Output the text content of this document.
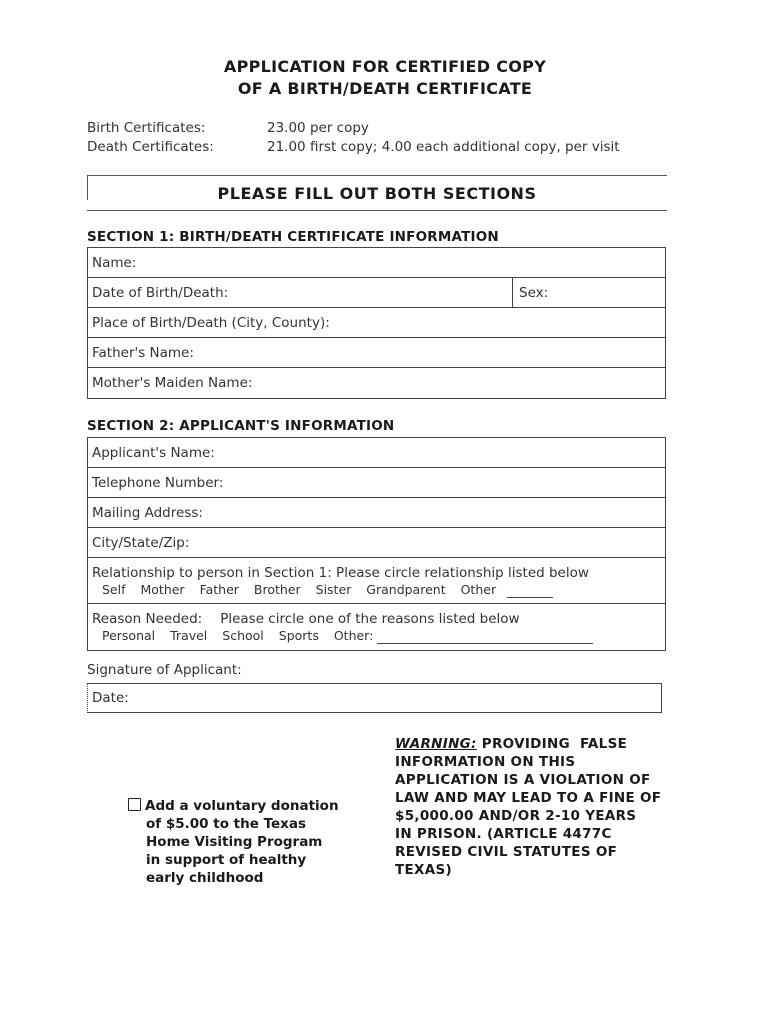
APPLICATION FOR CERTIFIED COPY
OF A BIRTH/DEATH CERTIFICATE
Birth Certificates:	23.00 per copy
Death Certificates:	21.00 first copy; 4.00 each additional copy, per visit
PLEASE FILL OUT BOTH SECTIONS
SECTION 1: BIRTH/DEATH CERTIFICATE INFORMATION
Name:
Date of Birth/Death:	Sex:
Place of Birth/Death (City, County):
Father's Name:
Mother's Maiden Name:
SECTION 2: APPLICANT'S INFORMATION
Applicant's Name:
Telephone Number:
Mailing Address:
City/State/Zip:
Relationship to person in Section 1: Please circle relationship listed below
Self Mother Father Brother Sister Grandparent Other
Reason Needed: Please circle one of the reasons listed below
Personal Travel School Sports Other:
Signature of Applicant:
Date:
WARNING: PROVIDING  FALSE
INFORMATION ON THIS
APPLICATION IS A VIOLATION OF
LAW AND MAY LEAD TO A FINE OF
$5,000.00 AND/OR 2-10 YEARS
IN PRISON. (ARTICLE 4477C
REVISED CIVIL STATUTES OF
TEXAS)
Add a voluntary donation
of $5.00 to the Texas
Home Visiting Program
in support of healthy
early childhood
